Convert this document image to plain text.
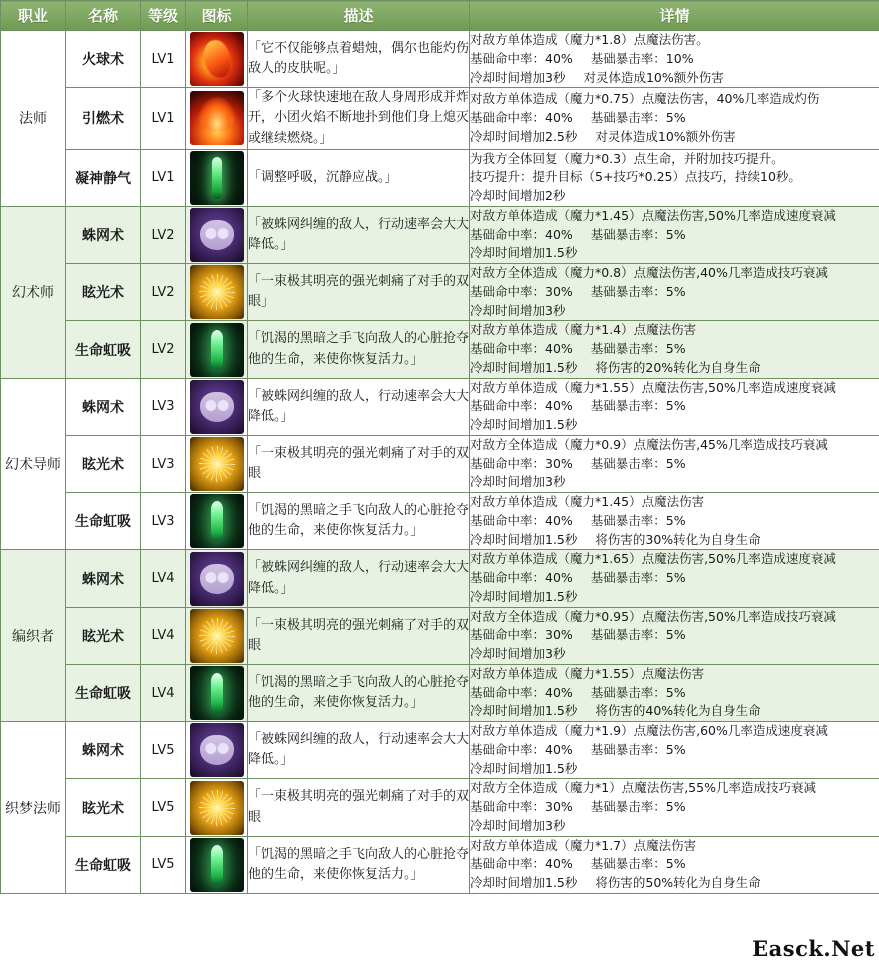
职业	名称	等级	图标	描述	详情
法师	火球术	LV1		「它不仅能够点着蜡烛，偶尔也能灼伤敌人的皮肤呢。」	对敌方单体造成（魔力*1.8）点魔法伤害。
基础命中率：40% 基础暴击率：10%
冷却时间增加3秒 对灵体造成10%额外伤害

	引燃术	LV1		「多个火球快速地在敌人身周形成并炸开，小团火焰不断地扑到他们身上熄灭或继续燃烧。」	对敌方单体造成（魔力*0.75）点魔法伤害，40%几率造成灼伤
基础命中率：40% 基础暴击率：5%
冷却时间增加2.5秒 对灵体造成10%额外伤害

	凝神静气	LV1		「调整呼吸，沉静应战。」	为我方全体回复（魔力*0.3）点生命，并附加技巧提升。
技巧提升：提升目标（5+技巧*0.25）点技巧，持续10秒。
冷却时间增加2秒

幻术师	蛛网术	LV2		「被蛛网纠缠的敌人，行动速率会大大降低。」	对敌方单体造成（魔力*1.45）点魔法伤害,50%几率造成速度衰减
基础命中率：40% 基础暴击率：5%
冷却时间增加1.5秒

	眩光术	LV2		「一束极其明亮的强光刺痛了对手的双眼」	对敌方全体造成（魔力*0.8）点魔法伤害,40%几率造成技巧衰减
基础命中率：30% 基础暴击率：5%
冷却时间增加3秒

	生命虹吸	LV2		「饥渴的黑暗之手飞向敌人的心脏抢夺他的生命，来使你恢复活力。」	对敌方单体造成（魔力*1.4）点魔法伤害
基础命中率：40% 基础暴击率：5%
冷却时间增加1.5秒 将伤害的20%转化为自身生命

幻术导师	蛛网术	LV3		「被蛛网纠缠的敌人，行动速率会大大降低。」	对敌方单体造成（魔力*1.55）点魔法伤害,50%几率造成速度衰减
基础命中率：40% 基础暴击率：5%
冷却时间增加1.5秒

	眩光术	LV3		「一束极其明亮的强光刺痛了对手的双眼	对敌方全体造成（魔力*0.9）点魔法伤害,45%几率造成技巧衰减
基础命中率：30% 基础暴击率：5%
冷却时间增加3秒

	生命虹吸	LV3		「饥渴的黑暗之手飞向敌人的心脏抢夺他的生命，来使你恢复活力。」	对敌方单体造成（魔力*1.45）点魔法伤害
基础命中率：40% 基础暴击率：5%
冷却时间增加1.5秒 将伤害的30%转化为自身生命

编织者	蛛网术	LV4		「被蛛网纠缠的敌人，行动速率会大大降低。」	对敌方单体造成（魔力*1.65）点魔法伤害,50%几率造成速度衰减
基础命中率：40% 基础暴击率：5%
冷却时间增加1.5秒

	眩光术	LV4		「一束极其明亮的强光刺痛了对手的双眼	对敌方全体造成（魔力*0.95）点魔法伤害,50%几率造成技巧衰减
基础命中率：30% 基础暴击率：5%
冷却时间增加3秒

	生命虹吸	LV4		「饥渴的黑暗之手飞向敌人的心脏抢夺他的生命，来使你恢复活力。」	对敌方单体造成（魔力*1.55）点魔法伤害
基础命中率：40% 基础暴击率：5%
冷却时间增加1.5秒 将伤害的40%转化为自身生命

织梦法师	蛛网术	LV5		「被蛛网纠缠的敌人，行动速率会大大降低。」	对敌方单体造成（魔力*1.9）点魔法伤害,60%几率造成速度衰减
基础命中率：40% 基础暴击率：5%
冷却时间增加1.5秒

	眩光术	LV5		「一束极其明亮的强光刺痛了对手的双眼	对敌方全体造成（魔力*1）点魔法伤害,55%几率造成技巧衰减
基础命中率：30% 基础暴击率：5%
冷却时间增加3秒

	生命虹吸	LV5		「饥渴的黑暗之手飞向敌人的心脏抢夺他的生命，来使你恢复活力。」	对敌方单体造成（魔力*1.7）点魔法伤害
基础命中率：40% 基础暴击率：5%
冷却时间增加1.5秒 将伤害的50%转化为自身生命
Easck.Net
